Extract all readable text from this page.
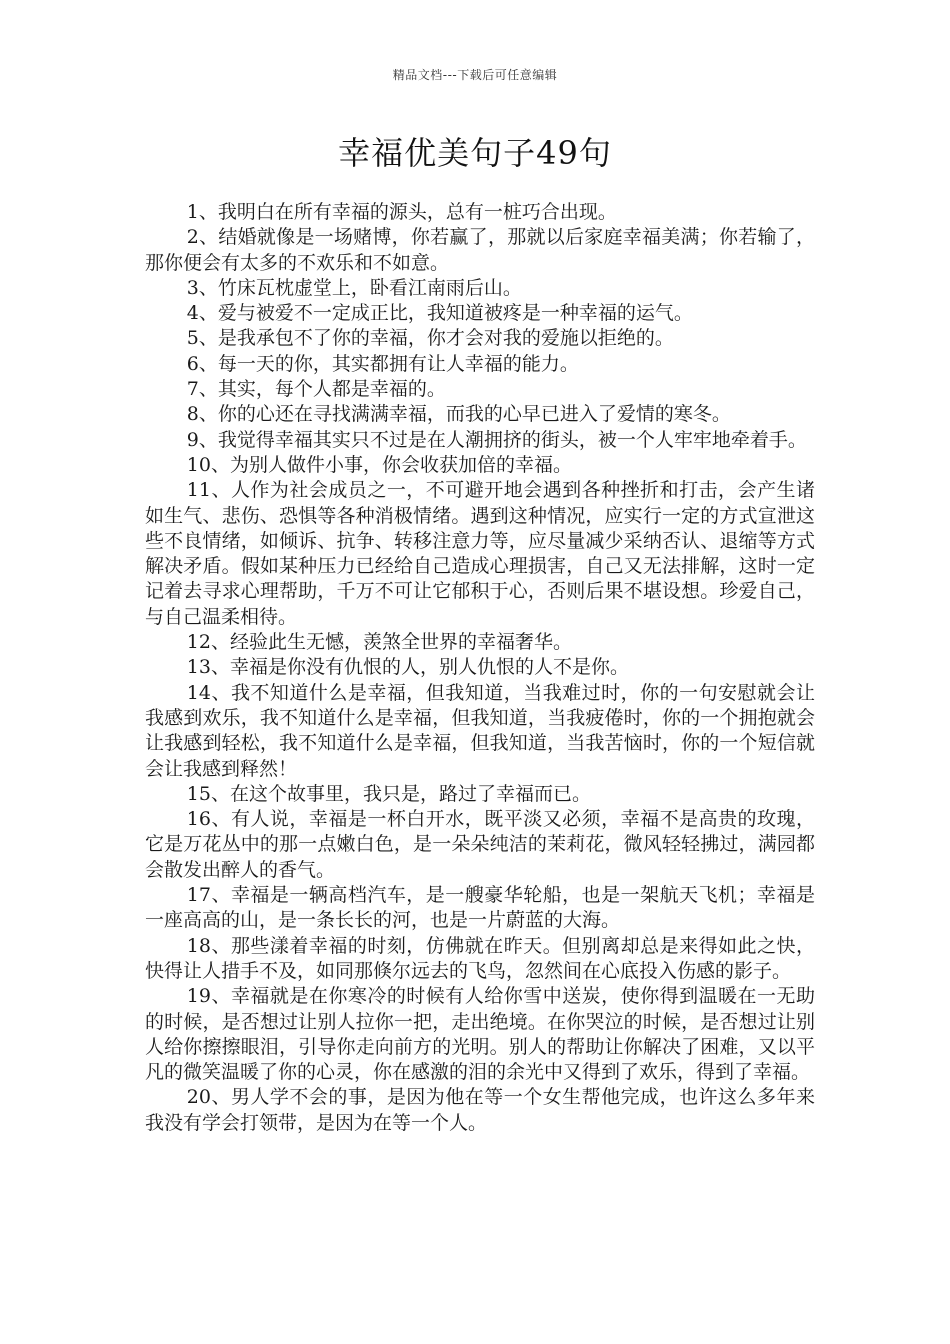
精品文档---下载后可任意编辑
幸福优美句子49句

1、我明白在所有幸福的源头，总有一桩巧合出现。

2、结婚就像是一场赌博，你若赢了，那就以后家庭幸福美满；你若输了，那你便会有太多的不欢乐和不如意。

3、竹床瓦枕虚堂上，卧看江南雨后山。

4、爱与被爱不一定成正比，我知道被疼是一种幸福的运气。

5、是我承包不了你的幸福，你才会对我的爱施以拒绝的。

6、每一天的你，其实都拥有让人幸福的能力。

7、其实，每个人都是幸福的。

8、你的心还在寻找满满幸福，而我的心早已进入了爱情的寒冬。

9、我觉得幸福其实只不过是在人潮拥挤的街头，被一个人牢牢地牵着手。

10、为别人做件小事，你会收获加倍的幸福。

11、人作为社会成员之一，不可避开地会遇到各种挫折和打击，会产生诸如生气、悲伤、恐惧等各种消极情绪。遇到这种情况，应实行一定的方式宣泄这些不良情绪，如倾诉、抗争、转移注意力等，应尽量减少采纳否认、退缩等方式解决矛盾。假如某种压力已经给自己造成心理损害，自己又无法排解，这时一定记着去寻求心理帮助，千万不可让它郁积于心，否则后果不堪设想。珍爱自己，与自己温柔相待。

12、经验此生无憾，羡煞全世界的幸福奢华。

13、幸福是你没有仇恨的人，别人仇恨的人不是你。

14、我不知道什么是幸福，但我知道，当我难过时，你的一句安慰就会让我感到欢乐，我不知道什么是幸福，但我知道，当我疲倦时，你的一个拥抱就会让我感到轻松，我不知道什么是幸福，但我知道，当我苦恼时，你的一个短信就会让我感到释然！

15、在这个故事里，我只是，路过了幸福而已。

16、有人说，幸福是一杯白开水，既平淡又必须，幸福不是高贵的玫瑰，它是万花丛中的那一点嫩白色，是一朵朵纯洁的茉莉花，微风轻轻拂过，满园都会散发出醉人的香气。

17、幸福是一辆高档汽车，是一艘豪华轮船，也是一架航天飞机；幸福是一座高高的山，是一条长长的河，也是一片蔚蓝的大海。

18、那些漾着幸福的时刻，仿佛就在昨天。但别离却总是来得如此之快，快得让人措手不及，如同那倏尔远去的飞鸟，忽然间在心底投入伤感的影子。

19、幸福就是在你寒冷的时候有人给你雪中送炭，使你得到温暖在一无助的时候，是否想过让别人拉你一把，走出绝境。在你哭泣的时候，是否想过让别人给你擦擦眼泪，引导你走向前方的光明。别人的帮助让你解决了困难，又以平凡的微笑温暖了你的心灵，你在感激的泪的余光中又得到了欢乐，得到了幸福。

20、男人学不会的事，是因为他在等一个女生帮他完成，也许这么多年来我没有学会打领带，是因为在等一个人。
